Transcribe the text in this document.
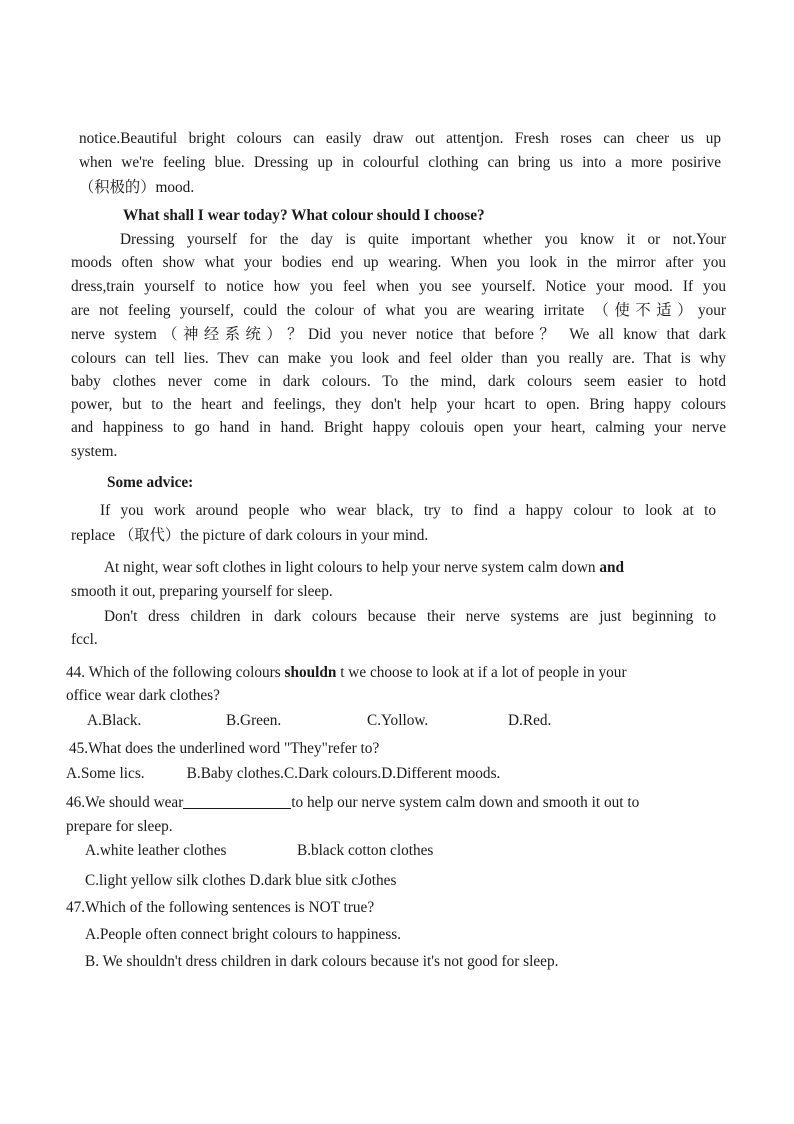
notice.Beautiful bright colours can easily draw out attentjon. Fresh roses can cheer us up
when we're feeling blue. Dressing up in colourful clothing can bring us into a more posirive
（积极的）mood.
What shall I wear today? What colour should I choose?
Dressing yourself for the day is quite important whether you know it or not.Your
moods often show what your bodies end up wearing. When you look in the mirror after you
dress,train yourself to notice how you feel when you see yourself. Notice your mood. If you
are not feeling yourself, could the colour of what you are wearing irritate （使不适）your
nerve system（神经系统）？Did you never notice that before？ We all know that dark
colours can tell lies. Thev can make you look and feel older than you really are. That is why
baby clothes never come in dark colours. To the mind, dark colours seem easier to hotd
power, but to the heart and feelings, they don't help your hcart to open. Bring happy colours
and happiness to go hand in hand. Bright happy colouis open your heart, calming your nerve
system.
Some advice:
If you work around people who wear black, try to find a happy colour to look at to
replace （取代）the picture of dark colours in your mind.
At night, wear soft clothes in light colours to help your nerve system calm down and
smooth it out, preparing yourself for sleep.
Don't dress children in dark colours because their nerve systems are just beginning to
fccl.
44. Which of the following colours shouldn t we choose to look at if a lot of people in your
office wear dark clothes?
A.Black.	B.Green.	C.Yollow.	D.Red.
45.What does the underlined word "They"refer to?
A.Some lics.           B.Baby clothes.C.Dark colours.D.Different moods.
46.We should wear	to help our nerve system calm down and smooth it out to
prepare for sleep.
A.white leather clothes	B.black cotton clothes
C.light yellow silk clothes D.dark blue sitk cJothes
47.Which of the following sentences is NOT true?
A.People often connect bright colours to happiness.
B. We shouldn't dress children in dark colours because it's not good for sleep.
